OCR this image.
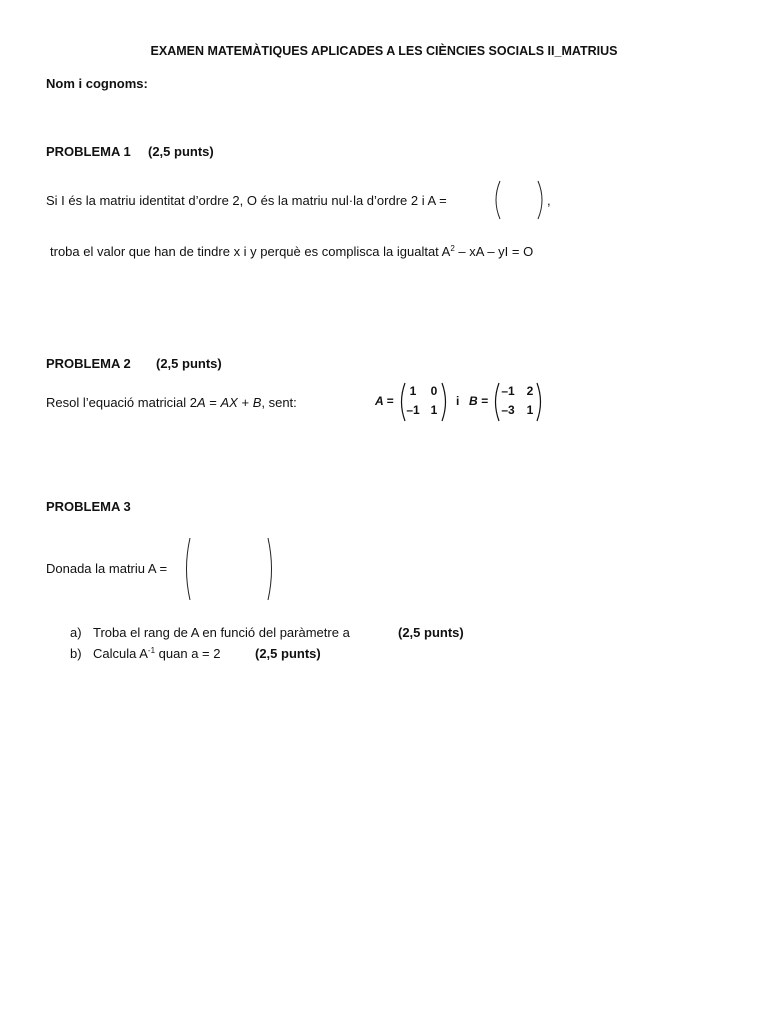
EXAMEN MATEMÀTIQUES APLICADES A LES CIÈNCIES SOCIALS II_MATRIUS
Nom i cognoms:
PROBLEMA 1 (2,5 punts)
Si I és la matriu identitat d’ordre 2, O és la matriu nul·la d’ordre 2 i A =	,
troba el valor que han de tindre x i y perquè es complisca la igualtat $A^2$ – xA – yI = O
PROBLEMA 2 (2,5 punts)
Resol l’equació matricial 2A = AX + B, sent:	A =
1	0
–1 1
i B =
–1 2
–3 1
PROBLEMA 3
Donada la matriu A =
a) Troba el rang de A en funció del paràmetre a	(2,5 punts)
b) Calcula $A^{-1}$ quan a = 2	(2,5 punts)
